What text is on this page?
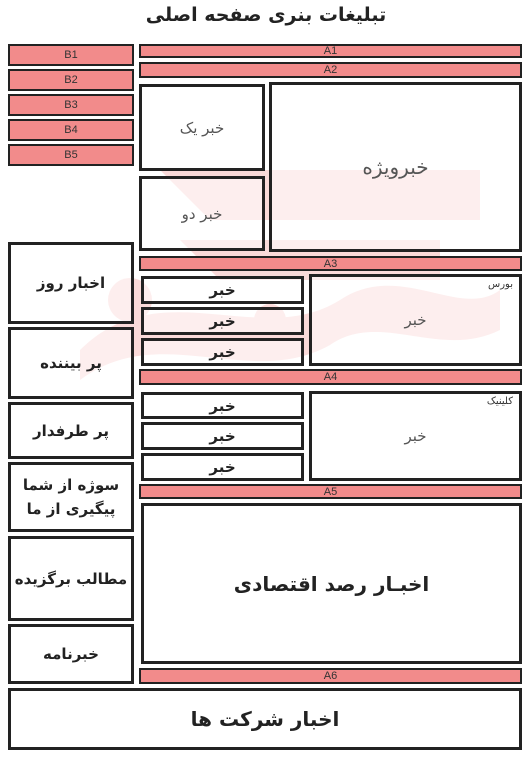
تبلیغات بنری صفحه اصلی
B1
B2
B3
B4
B5
A1
A2
خبر یک
خبر دو
خبرویژه
A3
اخبار روز
پر بیننده
پر طرفدار
سوژه از شما
پیگیری از ما
مطالب برگزیده
خبرنامه
خبر
خبر
خبر
بورس
خبر
A4
خبر
خبر
خبر
کلینیک
خبر
A5
اخبـار رصد اقتصادی
A6
اخبار شرکت ها
